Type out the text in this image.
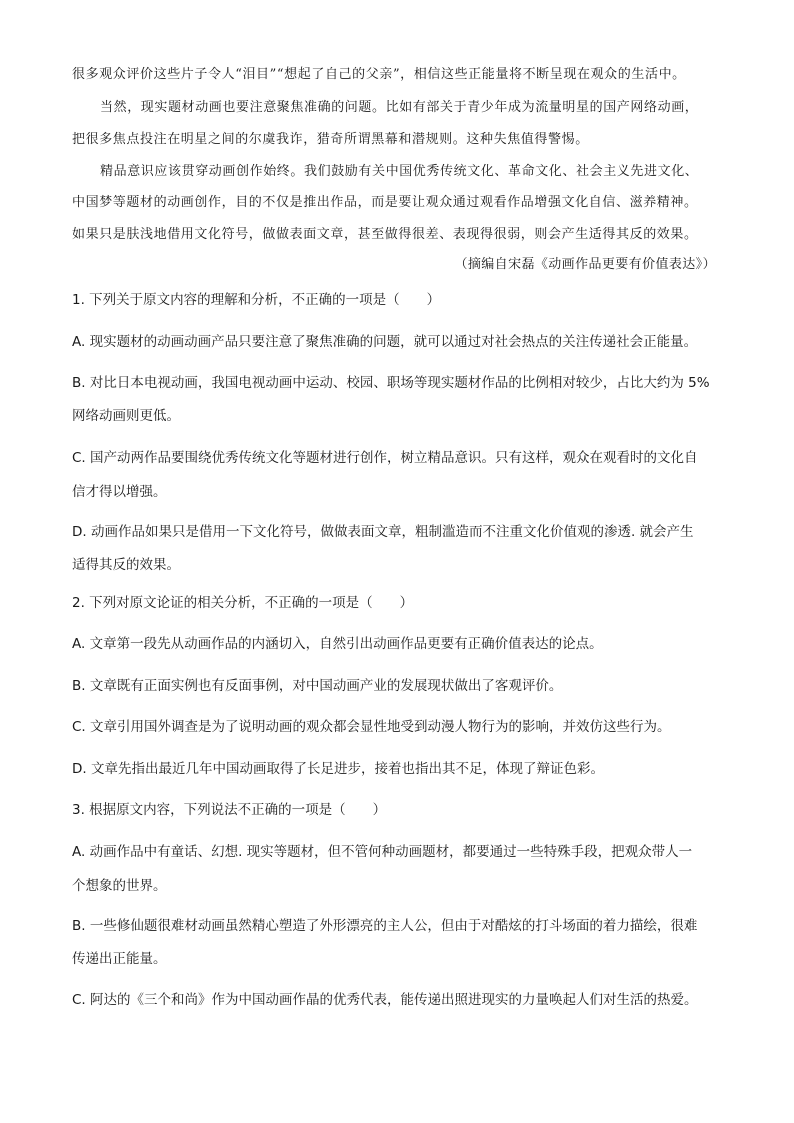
很多观众评价这些片子令人“泪目”“想起了自己的父亲”，相信这些正能量将不断呈现在观众的生活中。
当然，现实题材动画也要注意聚焦准确的问题。比如有部关于青少年成为流量明星的国产网络动画，
把很多焦点投注在明星之间的尔虞我诈，猎奇所谓黑幕和潜规则。这种失焦值得警惕。
精品意识应该贯穿动画创作始终。我们鼓励有关中国优秀传统文化、革命文化、社会主义先进文化、
中国梦等题材的动画创作，目的不仅是推出作品，而是要让观众通过观看作品增强文化自信、滋养精神。
如果只是肤浅地借用文化符号，做做表面文章，甚至做得很差、表现得很弱，则会产生适得其反的效果。
（摘编自宋磊《动画作品更要有价值表达》）
1. 下列关于原文内容的理解和分析，不正确的一项是（　　）
A. 现实题材的动画动画产品只要注意了聚焦准确的问题，就可以通过对社会热点的关注传递社会正能量。
B. 对比日本电视动画，我国电视动画中运动、校园、职场等现实题材作品的比例相对较少，占比大约为 5%
网络动画则更低。
C. 国产动两作品要围绕优秀传统文化等题材进行创作，树立精品意识。只有这样，观众在观看时的文化自
信才得以增强。
D. 动画作品如果只是借用一下文化符号，做做表面文章，粗制滥造而不注重文化价值观的渗透. 就会产生
适得其反的效果。
2. 下列对原文论证的相关分析，不正确的一项是（　　）
A. 文章第一段先从动画作品的内涵切入，自然引出动画作品更要有正确价值表达的论点。
B. 文章既有正面实例也有反面事例，对中国动画产业的发展现状做出了客观评价。
C. 文章引用国外调查是为了说明动画的观众都会显性地受到动漫人物行为的影响，并效仿这些行为。
D. 文章先指出最近几年中国动画取得了长足进步，接着也指出其不足，体现了辩证色彩。
3. 根据原文内容，下列说法不正确的一项是（　　）
A. 动画作品中有童话、幻想. 现实等题材，但不管何种动画题材，都要通过一些特殊手段，把观众带人一
个想象的世界。
B. 一些修仙题很难材动画虽然精心塑造了外形漂亮的主人公，但由于对酷炫的打斗场面的着力描绘，很难
传递出正能量。
C. 阿达的《三个和尚》作为中国动画作晶的优秀代表，能传递出照进现实的力量唤起人们对生活的热爱。
